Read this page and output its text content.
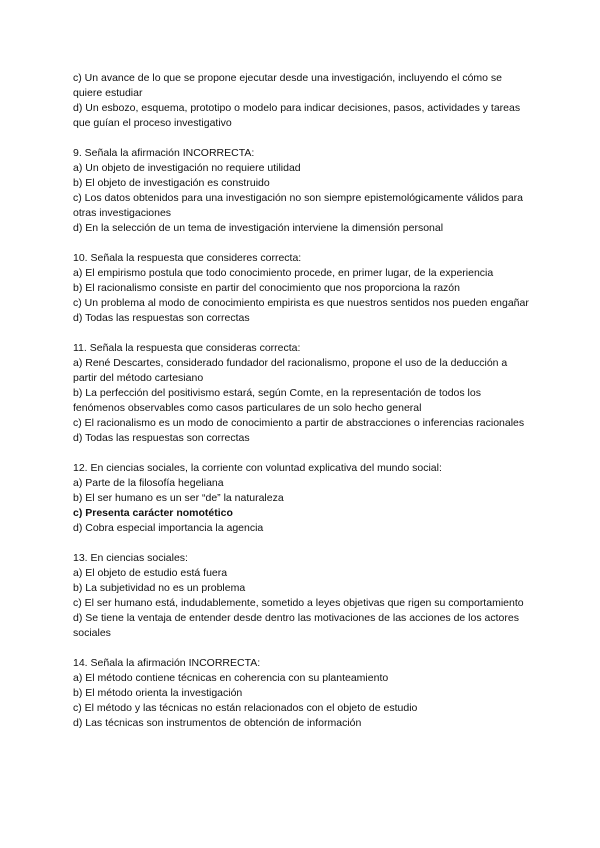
c) Un avance de lo que se propone ejecutar desde una investigación, incluyendo el cómo se quiere estudiar
d) Un esbozo, esquema, prototipo o modelo para indicar decisiones, pasos, actividades y tareas que guían el proceso investigativo
9. Señala la afirmación INCORRECTA:
a) Un objeto de investigación no requiere utilidad
b) El objeto de investigación es construido
c) Los datos obtenidos para una investigación no son siempre epistemológicamente válidos para otras investigaciones
d) En la selección de un tema de investigación interviene la dimensión personal
10. Señala la respuesta que consideres correcta:
a) El empirismo postula que todo conocimiento procede, en primer lugar, de la experiencia
b) El racionalismo consiste en partir del conocimiento que nos proporciona la razón
c) Un problema al modo de conocimiento empirista es que nuestros sentidos nos pueden engañar
d) Todas las respuestas son correctas
11. Señala la respuesta que consideras correcta:
a) René Descartes, considerado fundador del racionalismo, propone el uso de la deducción a partir del método cartesiano
b) La perfección del positivismo estará, según Comte, en la representación de todos los fenómenos observables como casos particulares de un solo hecho general
c) El racionalismo es un modo de conocimiento a partir de abstracciones o inferencias racionales
d) Todas las respuestas son correctas
12. En ciencias sociales, la corriente con voluntad explicativa del mundo social:
a) Parte de la filosofía hegeliana
b) El ser humano es un ser “de” la naturaleza
c) Presenta carácter nomotético
d) Cobra especial importancia la agencia
13. En ciencias sociales:
a) El objeto de estudio está fuera
b) La subjetividad no es un problema
c) El ser humano está, indudablemente, sometido a leyes objetivas que rigen su comportamiento
d) Se tiene la ventaja de entender desde dentro las motivaciones de las acciones de los actores sociales
14. Señala la afirmación INCORRECTA:
a) El método contiene técnicas en coherencia con su planteamiento
b) El método orienta la investigación
c) El método y las técnicas no están relacionados con el objeto de estudio
d) Las técnicas son instrumentos de obtención de información
